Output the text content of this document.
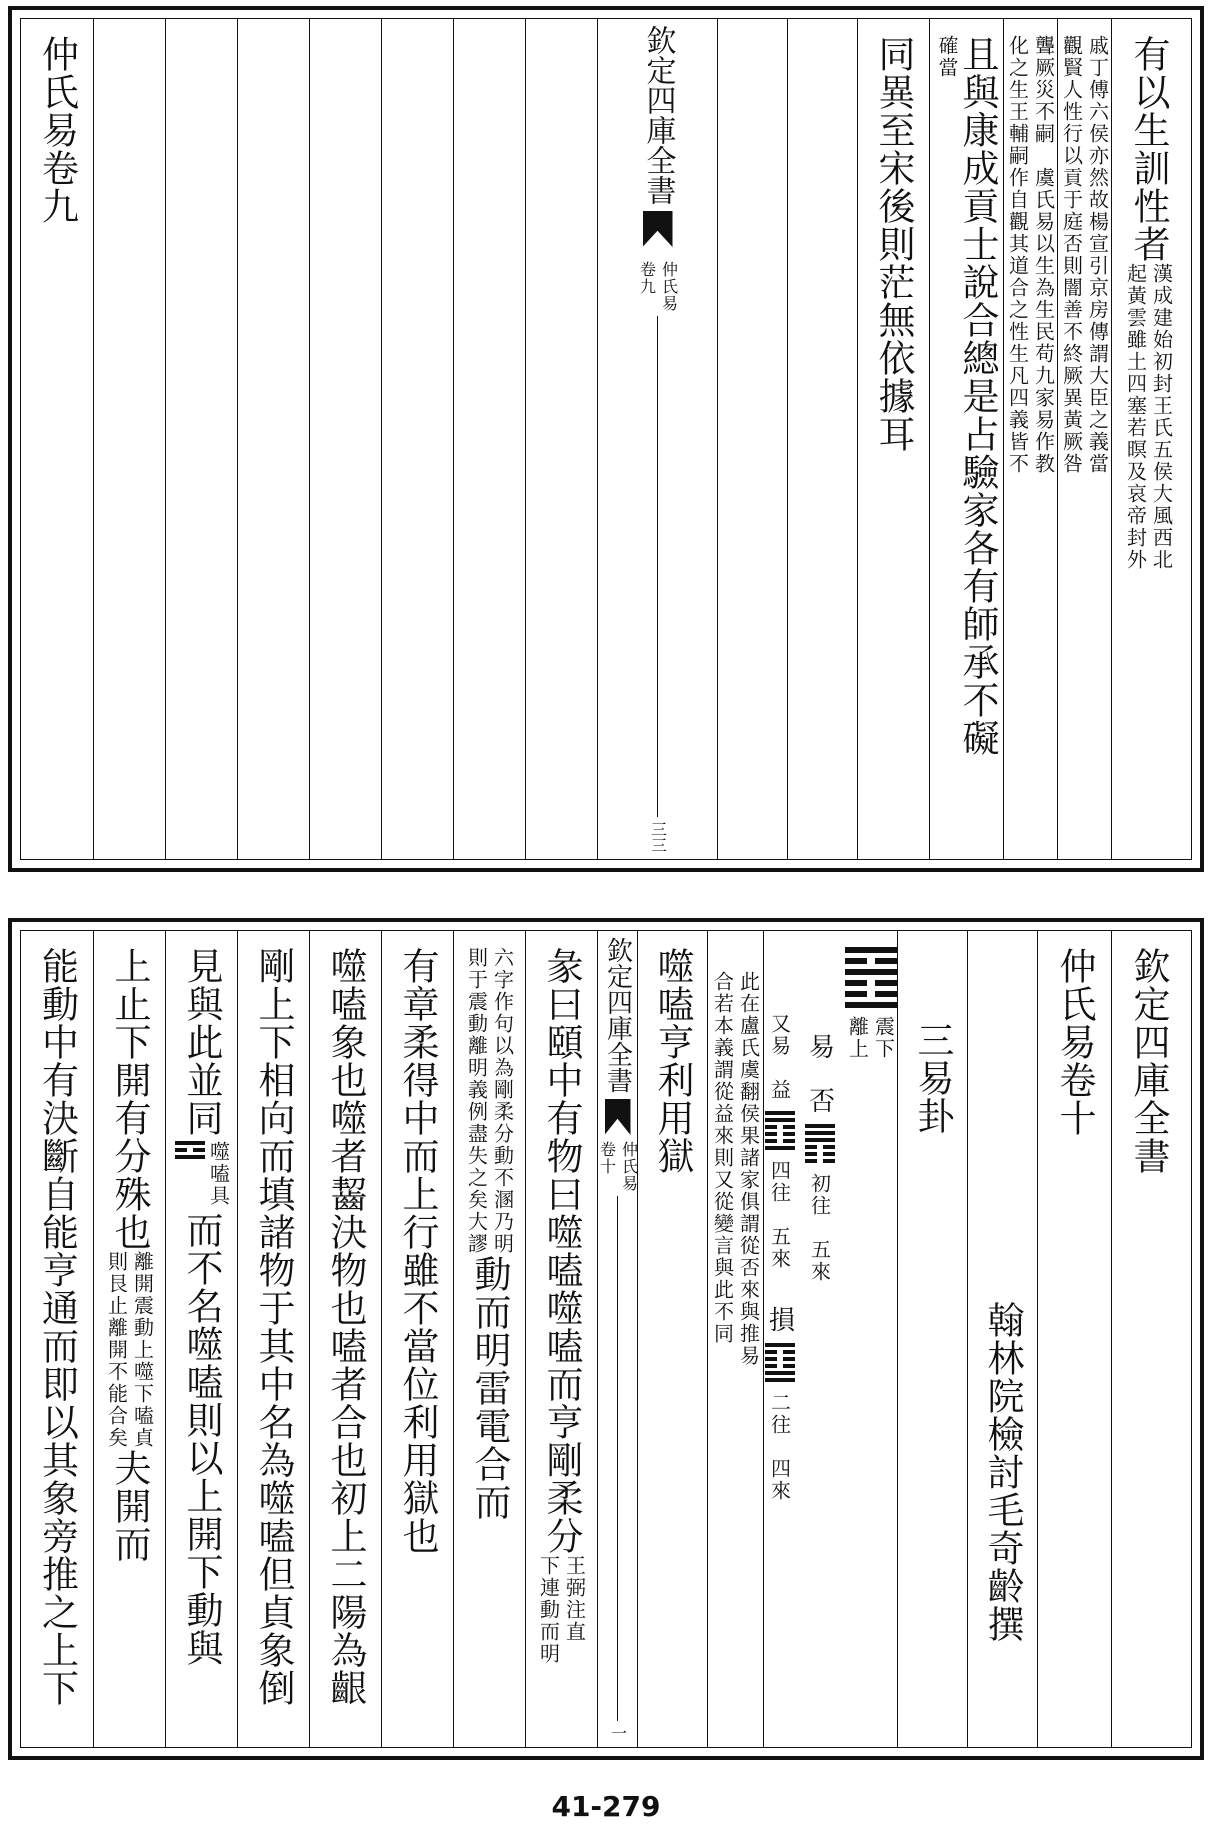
有以生訓性者
漢成建始初封王氏五侯大風西北
起黃雲雖土四塞若暝及哀帝封外
戚丁傅六侯亦然故楊宣引京房傳謂大臣之義當
觀賢人性行以貢于庭否則闇善不終厥異黃厥咎
聾厥災不嗣　虞氏易以生為生民苟九家易作教
化之生王輔嗣作自觀其道合之性生凡四義皆不
且與康成貢士說合總是占驗家各有師承不礙
確當
同異至宋後則茫無依據耳
欽定四庫全書
仲氏易
卷九
三三
仲氏易卷九
欽定四庫全書
仲氏易卷十
翰林院檢討毛奇齡撰
三易卦
震下
離上
易　否
初往　五來
又易　益
四往　五來
損
二往　四來
此在盧氏虞翻侯果諸家俱謂從否來與推易
合若本義謂從益來則又從變言與此不同
噬嗑亨利用獄
欽定四庫全書
仲氏易
卷十
一
彖曰頤中有物曰噬嗑噬嗑而亨剛柔分
王弼注直
下連動而明
六字作句以為剛柔分動不溷乃明
則于震動離明義例盡失之矣大謬
動而明雷電合而
有章柔得中而上行雖不當位利用獄也
噬嗑象也噬者齧決物也嗑者合也初上二陽為齦
剛上下相向而填諸物于其中名為噬嗑但貞象倒
見與此並同
噬嗑具
而不名噬嗑則以上開下動與
上止下開有分殊也
離開震動上噬下嗑貞
則艮止離開不能合矣
夫開而
能動中有決斷自能亨通而即以其象旁推之上下
41-279
